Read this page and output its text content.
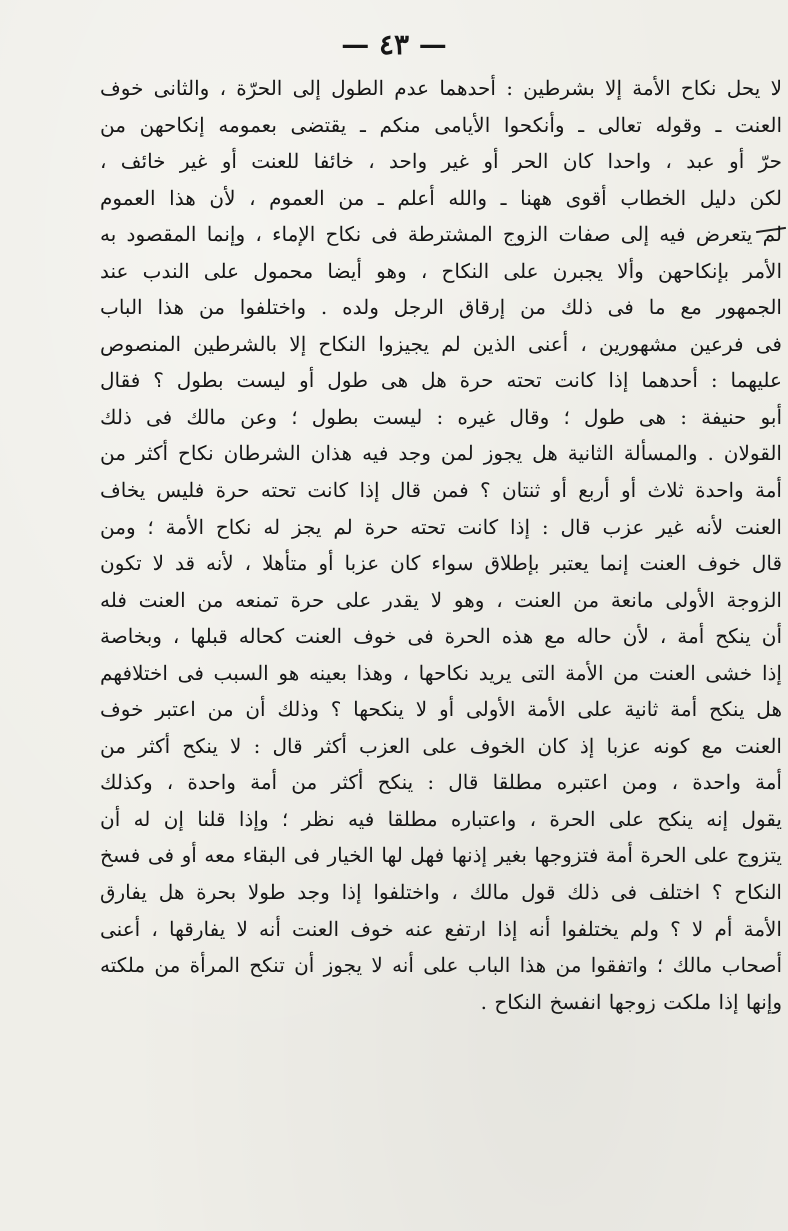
— ٤٣ —
لا يحل نكاح الأمة إلا بشرطين : أحدهما عدم الطول إلى الحرّة ، والثانى خوف
العنت ـ وقوله تعالى ـ وأنكحوا الأيامى منكم ـ يقتضى بعمومه إنكاحهن من
حرّ أو عبد ، واحدا كان الحر أو غير واحد ، خائفا للعنت أو غير خائف ،
لكن دليل الخطاب أقوى ههنا ـ والله أعلم ـ من العموم ، لأن هذا العموم
لم يتعرض فيه إلى صفات الزوج المشترطة فى نكاح الإماء ، وإنما المقصود به
الأمر بإنكاحهن وألا يجبرن على النكاح ، وهو أيضا محمول على الندب عند
الجمهور مع ما فى ذلك من إرقاق الرجل ولده . واختلفوا من هذا الباب
فى فرعين مشهورين ، أعنى الذين لم يجيزوا النكاح إلا بالشرطين المنصوص
عليهما : أحدهما إذا كانت تحته حرة هل هى طول أو ليست بطول ؟ فقال
أبو حنيفة : هى طول ؛ وقال غيره : ليست بطول ؛ وعن مالك فى ذلك
القولان . والمسألة الثانية هل يجوز لمن وجد فيه هذان الشرطان نكاح أكثر من
أمة واحدة ثلاث أو أربع أو ثنتان ؟ فمن قال إذا كانت تحته حرة فليس يخاف
العنت لأنه غير عزب قال : إذا كانت تحته حرة لم يجز له نكاح الأمة ؛ ومن
قال خوف العنت إنما يعتبر بإطلاق سواء كان عزبا أو متأهلا ، لأنه قد لا تكون
الزوجة الأولى مانعة من العنت ، وهو لا يقدر على حرة تمنعه من العنت فله
أن ينكح أمة ، لأن حاله مع هذه الحرة فى خوف العنت كحاله قبلها ، وبخاصة
إذا خشى العنت من الأمة التى يريد نكاحها ، وهذا بعينه هو السبب فى اختلافهم
هل ينكح أمة ثانية على الأمة الأولى أو لا ينكحها ؟ وذلك أن من اعتبر خوف
العنت مع كونه عزبا إذ كان الخوف على العزب أكثر قال : لا ينكح أكثر من
أمة واحدة ، ومن اعتبره مطلقا قال : ينكح أكثر من أمة واحدة ، وكذلك
يقول إنه ينكح على الحرة ، واعتباره مطلقا فيه نظر ؛ وإذا قلنا إن له أن
يتزوج على الحرة أمة فتزوجها بغير إذنها فهل لها الخيار فى البقاء معه أو فى فسخ
النكاح ؟ اختلف فى ذلك قول مالك ، واختلفوا إذا وجد طولا بحرة هل يفارق
الأمة أم لا ؟ ولم يختلفوا أنه إذا ارتفع عنه خوف العنت أنه لا يفارقها ، أعنى
أصحاب مالك ؛ واتفقوا من هذا الباب على أنه لا يجوز أن تنكح المرأة من ملكته
وإنها إذا ملكت زوجها انفسخ النكاح .
